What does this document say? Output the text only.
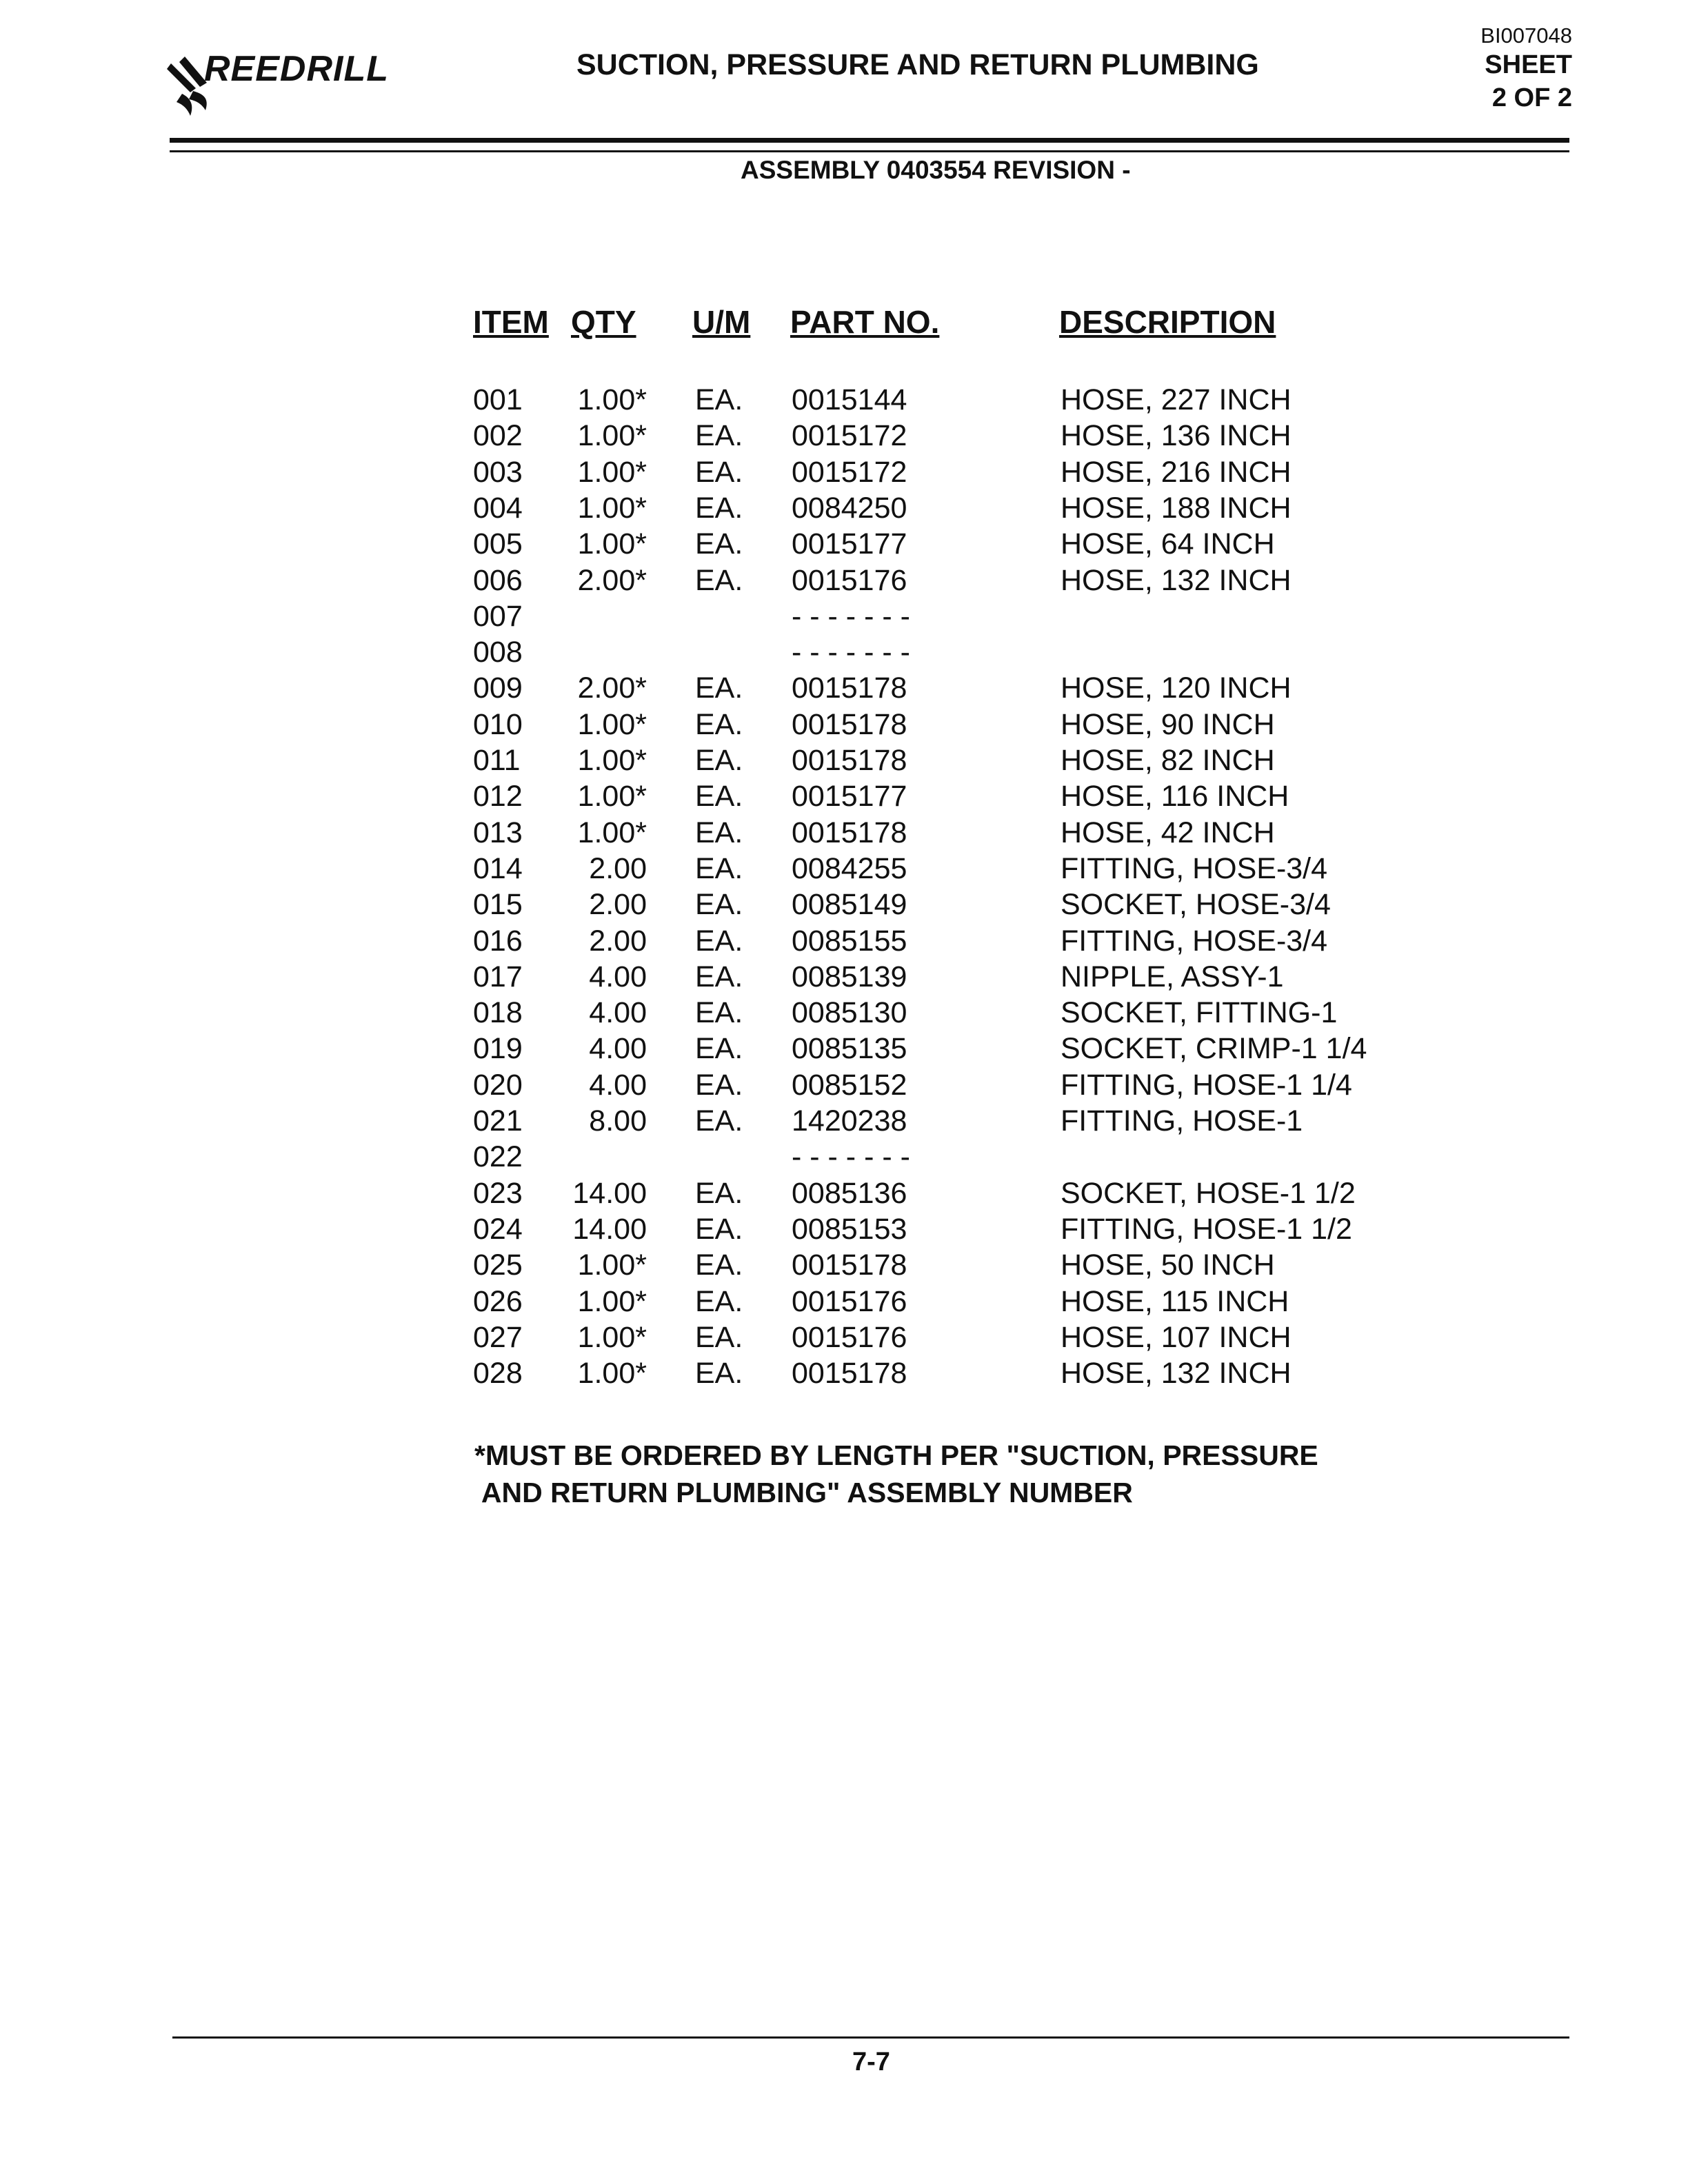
REEDRILL	SUCTION, PRESSURE AND RETURN PLUMBING
BI007048
SHEET
2 OF 2
ASSEMBLY 0403554 REVISION -
ITEM QTY U/M PART NO.	DESCRIPTION
001	1.00* EA. 0015144	HOSE, 227 INCH
002	1.00* EA. 0015172	HOSE, 136 INCH
003	1.00* EA. 0015172	HOSE, 216 INCH
004	1.00* EA. 0084250	HOSE, 188 INCH
005	1.00* EA. 0015177	HOSE, 64 INCH
006	2.00* EA. 0015176	HOSE, 132 INCH
007	- - - - - - -
008	- - - - - - -
009	2.00* EA. 0015178	HOSE, 120 INCH
010	1.00* EA. 0015178	HOSE, 90 INCH
011	1.00* EA. 0015178	HOSE, 82 INCH
012	1.00* EA. 0015177	HOSE, 116 INCH
013	1.00* EA. 0015178	HOSE, 42 INCH
014	2.00 EA. 0084255	FITTING, HOSE-3/4
015	2.00 EA. 0085149	SOCKET, HOSE-3/4
016	2.00 EA. 0085155	FITTING, HOSE-3/4
017	4.00 EA. 0085139	NIPPLE, ASSY-1
018	4.00 EA. 0085130	SOCKET, FITTING-1
019	4.00 EA. 0085135	SOCKET, CRIMP-1 1/4
020	4.00 EA. 0085152	FITTING, HOSE-1 1/4
021	8.00 EA. 1420238	FITTING, HOSE-1
022	- - - - - - -
023	14.00 EA. 0085136	SOCKET, HOSE-1 1/2
024	14.00 EA. 0085153	FITTING, HOSE-1 1/2
025	1.00* EA. 0015178	HOSE, 50 INCH
026	1.00* EA. 0015176	HOSE, 115 INCH
027	1.00* EA. 0015176	HOSE, 107 INCH
028	1.00* EA. 0015178	HOSE, 132 INCH
*MUST BE ORDERED BY LENGTH PER "SUCTION, PRESSURE
AND RETURN PLUMBING" ASSEMBLY NUMBER
7-7
